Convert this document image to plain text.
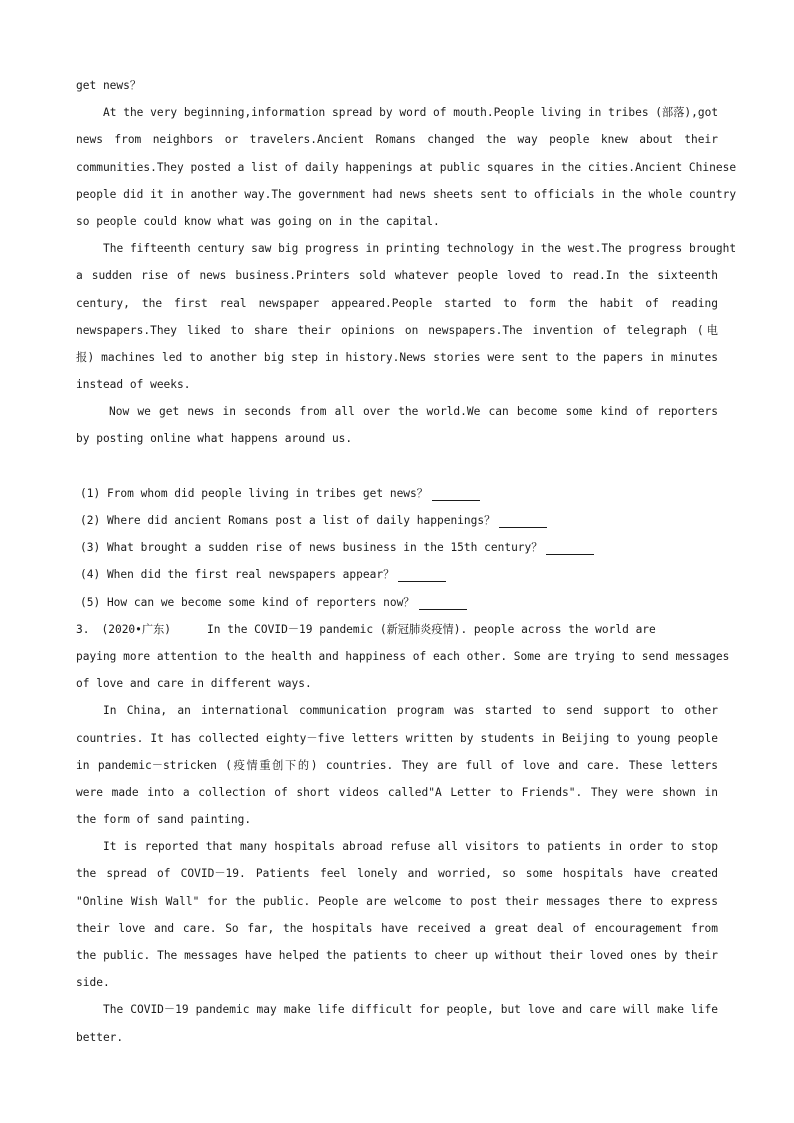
get news？
At the very beginning,information spread by word of mouth.People living in tribes (部落),got
news from neighbors or travelers.Ancient Romans changed the way people knew about their
communities.They posted a list of daily happenings at public squares in the cities.Ancient Chinese
people did it in another way.The government had news sheets sent to officials in the whole country
so people could know what was going on in the capital.
The fifteenth century saw big progress in printing technology in the west.The progress brought
a sudden rise of news business.Printers sold whatever people loved to read.In the sixteenth
century, the first real newspaper appeared.People started to form the habit of reading
newspapers.They liked to share their opinions on newspapers.The invention of telegraph (电
报) machines led to another big step in history.News stories were sent to the papers in minutes
instead of weeks.
Now we get news in seconds from all over the world.We can become some kind of reporters
by posting online what happens around us.
(1) From whom did people living in tribes get news？
(2) Where did ancient Romans post a list of daily happenings？
(3) What brought a sudden rise of news business in the 15th century？
(4) When did the first real newspapers appear？
(5) How can we become some kind of reporters now？
3. (2020•广东)	In the COVID－19 pandemic (新冠肺炎疫情). people across the world are
paying more attention to the health and happiness of each other. Some are trying to send messages
of love and care in different ways.
In China, an international communication program was started to send support to other
countries. It has collected eighty－five letters written by students in Beijing to young people
in pandemic－stricken (疫情重创下的) countries. They are full of love and care. These letters
were made into a collection of short videos called"A Letter to Friends". They were shown in
the form of sand painting.
It is reported that many hospitals abroad refuse all visitors to patients in order to stop
the spread of COVID－19. Patients feel lonely and worried, so some hospitals have created
"Online Wish Wall" for the public. People are welcome to post their messages there to express
their love and care. So far, the hospitals have received a great deal of encouragement from
the public. The messages have helped the patients to cheer up without their loved ones by their
side.
The COVID－19 pandemic may make life difficult for people, but love and care will make life
better.
